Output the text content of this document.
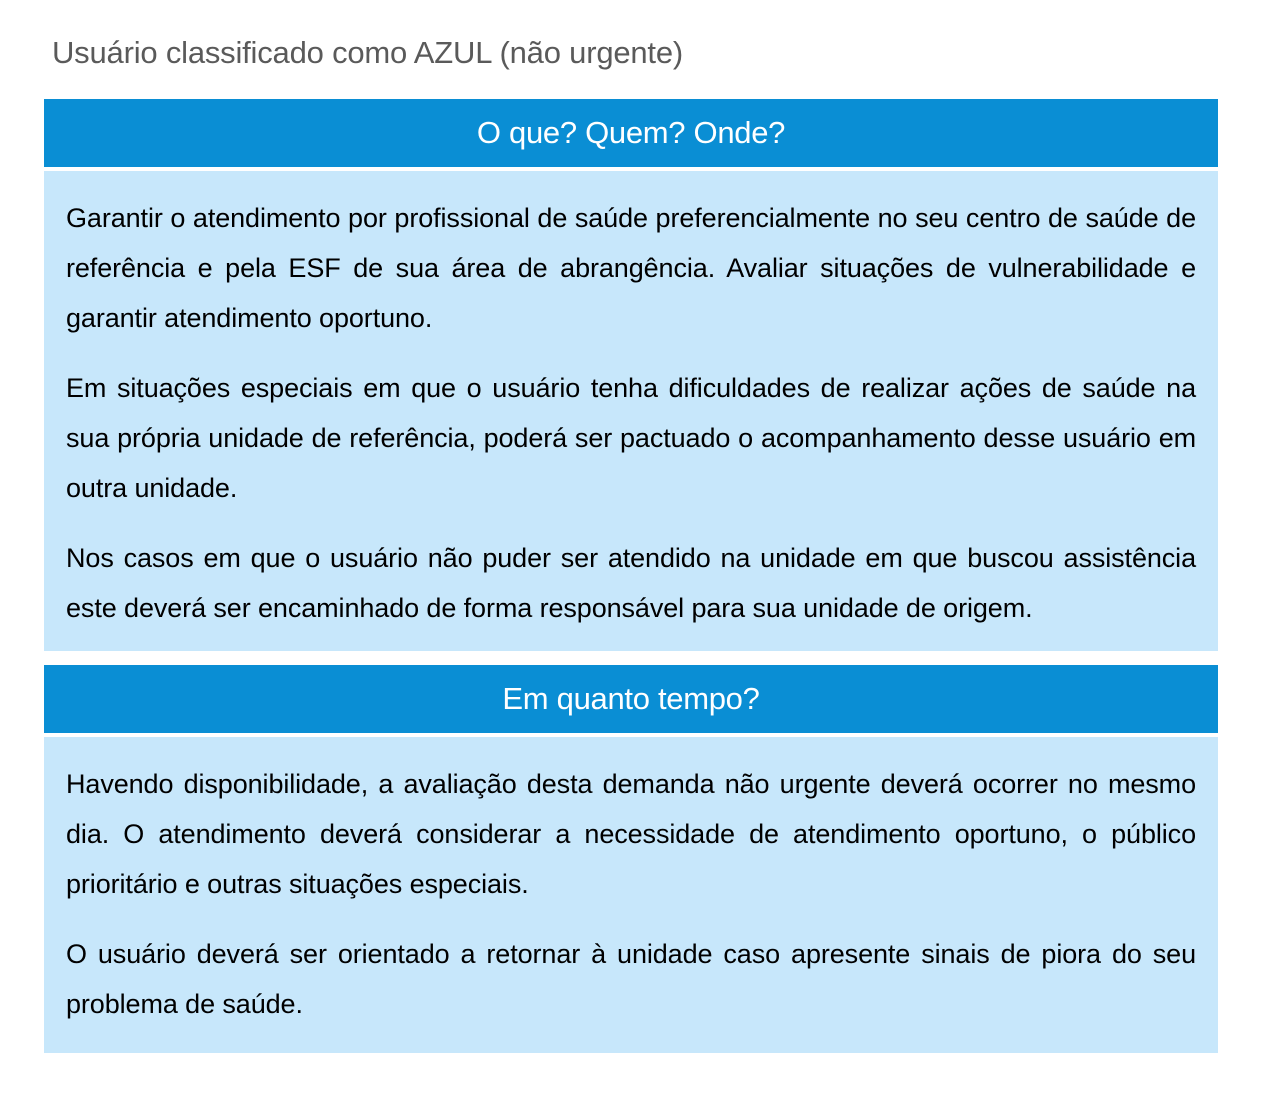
Usuário classificado como AZUL (não urgente)
O que? Quem? Onde?

Garantir o atendimento por profissional de saúde preferencialmente no seu centro de saúde de referência e pela ESF de sua área de abrangência. Avaliar situações de vulnerabilidade e garantir atendimento oportuno.

Em situações especiais em que o usuário tenha dificuldades de realizar ações de saúde na sua própria unidade de referência, poderá ser pactuado o acompanhamento desse usuário em outra unidade.

Nos casos em que o usuário não puder ser atendido na unidade em que buscou assistência este deverá ser encaminhado de forma responsável para sua unidade de origem.

Em quanto tempo?

Havendo disponibilidade, a avaliação desta demanda não urgente deverá ocorrer no mesmo dia. O atendimento deverá considerar a necessidade de atendimento oportuno, o público prioritário e outras situações especiais.

O usuário deverá ser orientado a retornar à unidade caso apresente sinais de piora do seu problema de saúde.
